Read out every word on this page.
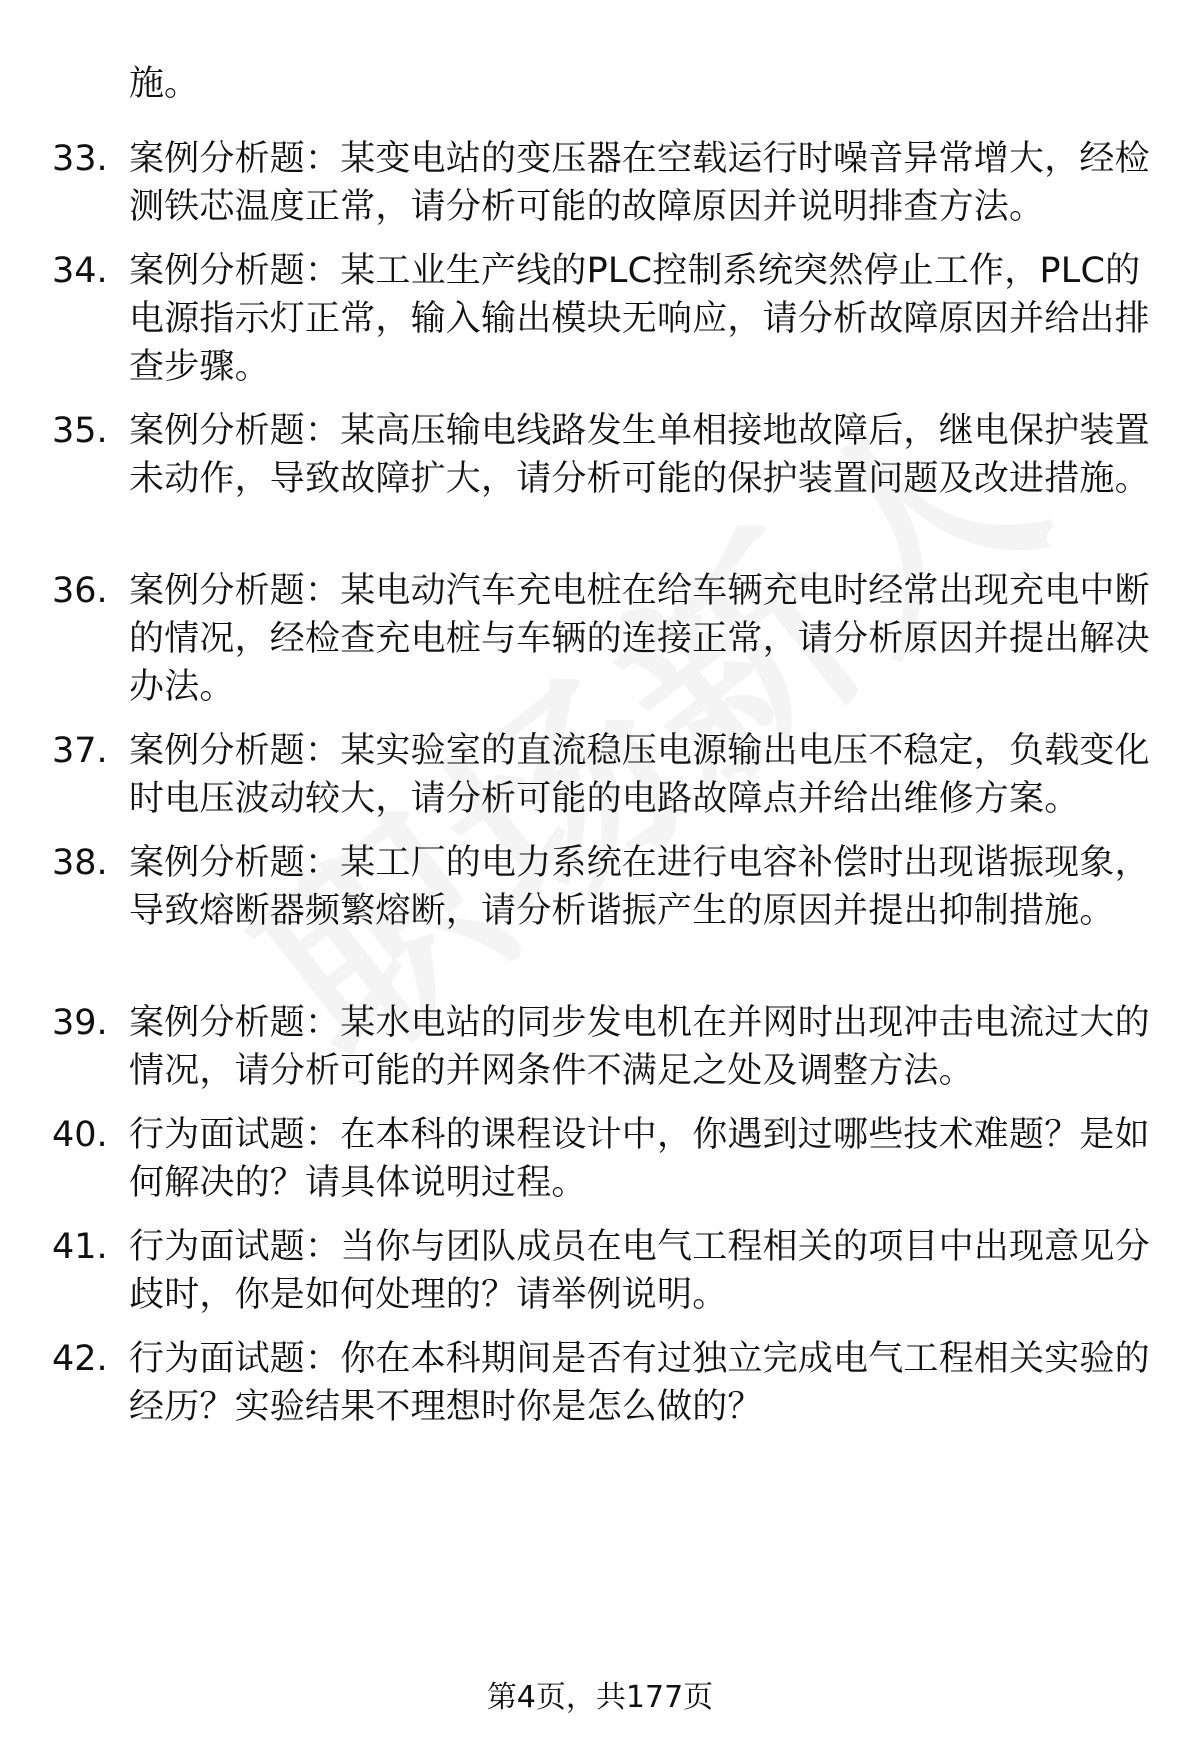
施。
33. 案例分析题：某变电站的变压器在空载运行时噪音异常增大，经检测铁芯温度正常，请分析可能的故障原因并说明排查方法。
34. 案例分析题：某工业生产线的PLC控制系统突然停止工作，PLC的电源指示灯正常，输入输出模块无响应，请分析故障原因并给出排查步骤。
35. 案例分析题：某高压输电线路发生单相接地故障后，继电保护装置未动作，导致故障扩大，请分析可能的保护装置问题及改进措施。
36. 案例分析题：某电动汽车充电桩在给车辆充电时经常出现充电中断的情况，经检查充电桩与车辆的连接正常，请分析原因并提出解决办法。
37. 案例分析题：某实验室的直流稳压电源输出电压不稳定，负载变化时电压波动较大，请分析可能的电路故障点并给出维修方案。
38. 案例分析题：某工厂的电力系统在进行电容补偿时出现谐振现象，导致熔断器频繁熔断，请分析谐振产生的原因并提出抑制措施。
39. 案例分析题：某水电站的同步发电机在并网时出现冲击电流过大的情况，请分析可能的并网条件不满足之处及调整方法。
40. 行为面试题：在本科的课程设计中，你遇到过哪些技术难题？是如何解决的？请具体说明过程。
41. 行为面试题：当你与团队成员在电气工程相关的项目中出现意见分歧时，你是如何处理的？请举例说明。
42. 行为面试题：你在本科期间是否有过独立完成电气工程相关实验的经历？实验结果不理想时你是怎么做的？
第4页，共177页
